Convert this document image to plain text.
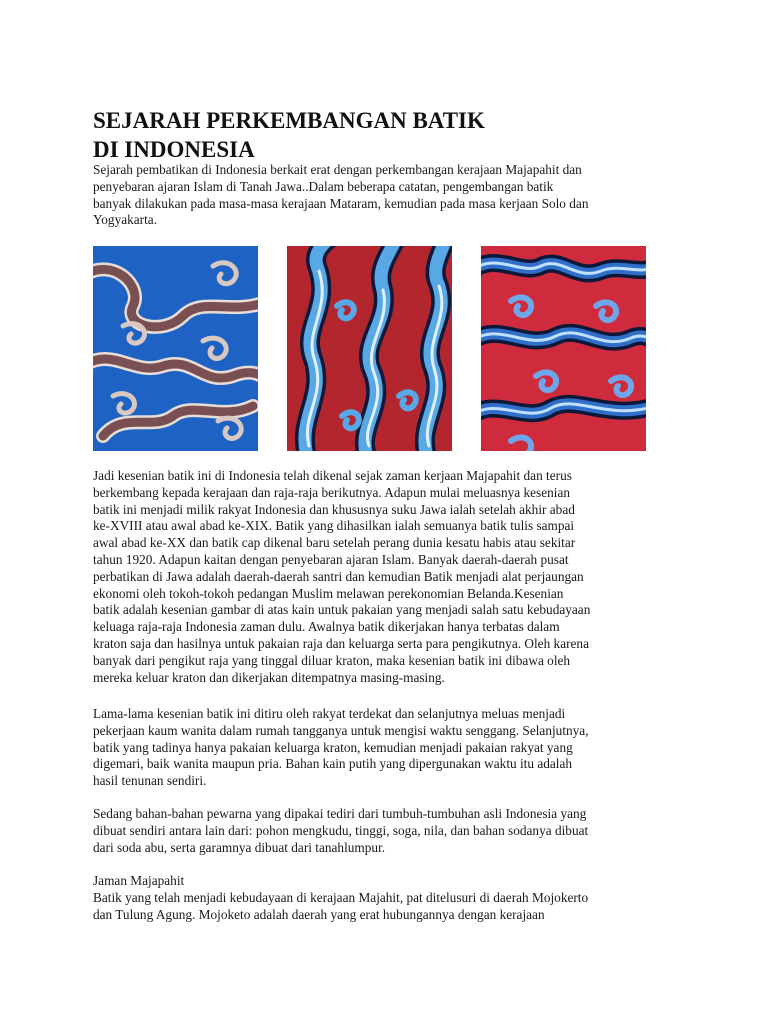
SEJARAH PERKEMBANGAN BATIK
DI INDONESIA
Sejarah pembatikan di Indonesia berkait erat dengan perkembangan kerajaan Majapahit dan
penyebaran ajaran Islam di Tanah Jawa..Dalam beberapa catatan, pengembangan batik
banyak dilakukan pada masa-masa kerajaan Mataram, kemudian pada masa kerjaan Solo dan
Yogyakarta.
Jadi kesenian batik ini di Indonesia telah dikenal sejak zaman kerjaan Majapahit dan terus
berkembang kepada kerajaan dan raja-raja berikutnya. Adapun mulai meluasnya kesenian
batik ini menjadi milik rakyat Indonesia dan khususnya suku Jawa ialah setelah akhir abad
ke-XVIII atau awal abad ke-XIX. Batik yang dihasilkan ialah semuanya batik tulis sampai
awal abad ke-XX dan batik cap dikenal baru setelah perang dunia kesatu habis atau sekitar
tahun 1920. Adapun kaitan dengan penyebaran ajaran Islam. Banyak daerah-daerah pusat
perbatikan di Jawa adalah daerah-daerah santri dan kemudian Batik menjadi alat perjaungan
ekonomi oleh tokoh-tokoh pedangan Muslim melawan perekonomian Belanda.Kesenian
batik adalah kesenian gambar di atas kain untuk pakaian yang menjadi salah satu kebudayaan
keluaga raja-raja Indonesia zaman dulu. Awalnya batik dikerjakan hanya terbatas dalam
kraton saja dan hasilnya untuk pakaian raja dan keluarga serta para pengikutnya. Oleh karena
banyak dari pengikut raja yang tinggal diluar kraton, maka kesenian batik ini dibawa oleh
mereka keluar kraton dan dikerjakan ditempatnya masing-masing.
Lama-lama kesenian batik ini ditiru oleh rakyat terdekat dan selanjutnya meluas menjadi
pekerjaan kaum wanita dalam rumah tangganya untuk mengisi waktu senggang. Selanjutnya,
batik yang tadinya hanya pakaian keluarga kraton, kemudian menjadi pakaian rakyat yang
digemari, baik wanita maupun pria. Bahan kain putih yang dipergunakan waktu itu adalah
hasil tenunan sendiri.
Sedang bahan-bahan pewarna yang dipakai tediri dari tumbuh-tumbuhan asli Indonesia yang
dibuat sendiri antara lain dari: pohon mengkudu, tinggi, soga, nila, dan bahan sodanya dibuat
dari soda abu, serta garamnya dibuat dari tanahlumpur.
Jaman Majapahit
Batik yang telah menjadi kebudayaan di kerajaan Majahit, pat ditelusuri di daerah Mojokerto
dan Tulung Agung. Mojoketo adalah daerah yang erat hubungannya dengan kerajaan
